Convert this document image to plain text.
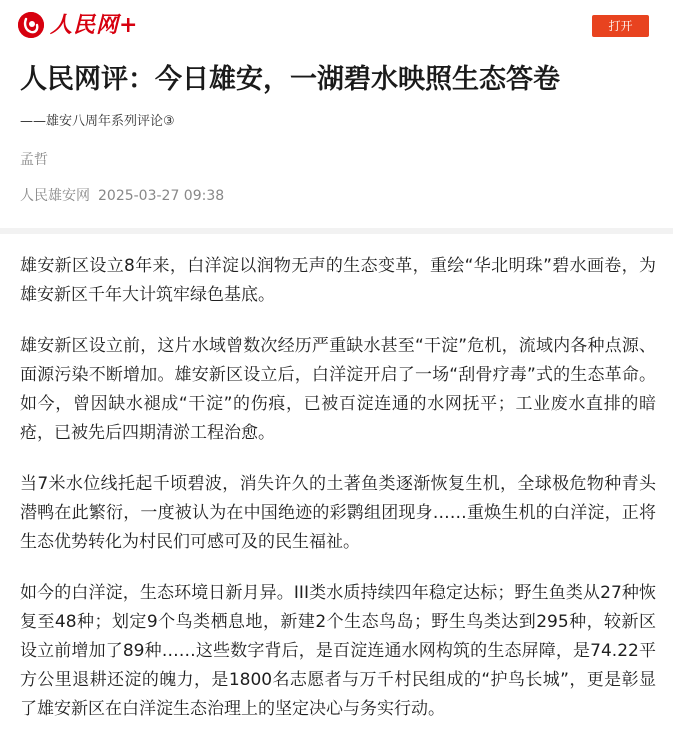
人民网+	打开
人民网评：今日雄安，一湖碧水映照生态答卷
——雄安八周年系列评论③
孟哲
人民雄安网 2025-03-27 09:38

雄安新区设立8年来，白洋淀以润物无声的生态变革，重绘“华北明珠”碧水画卷，为雄安新区千年大计筑牢绿色基底。

雄安新区设立前，这片水域曾数次经历严重缺水甚至“干淀”危机，流域内各种点源、面源污染不断增加。雄安新区设立后，白洋淀开启了一场“刮骨疗毒”式的生态革命。如今，曾因缺水褪成“干淀”的伤痕，已被百淀连通的水网抚平；工业废水直排的暗疮，已被先后四期清淤工程治愈。

当7米水位线托起千顷碧波，消失许久的土著鱼类逐渐恢复生机，全球极危物种青头潜鸭在此繁衍，一度被认为在中国绝迹的彩鹮组团现身……重焕生机的白洋淀，正将生态优势转化为村民们可感可及的民生福祉。

如今的白洋淀，生态环境日新月异。III类水质持续四年稳定达标；野生鱼类从27种恢复至48种；划定9个鸟类栖息地，新建2个生态鸟岛；野生鸟类达到295种，较新区设立前增加了89种……这些数字背后，是百淀连通水网构筑的生态屏障，是74.22平方公里退耕还淀的魄力，是1800名志愿者与万千村民组成的“护鸟长城”，更是彰显了雄安新区在白洋淀生态治理上的坚定决心与务实行动。
